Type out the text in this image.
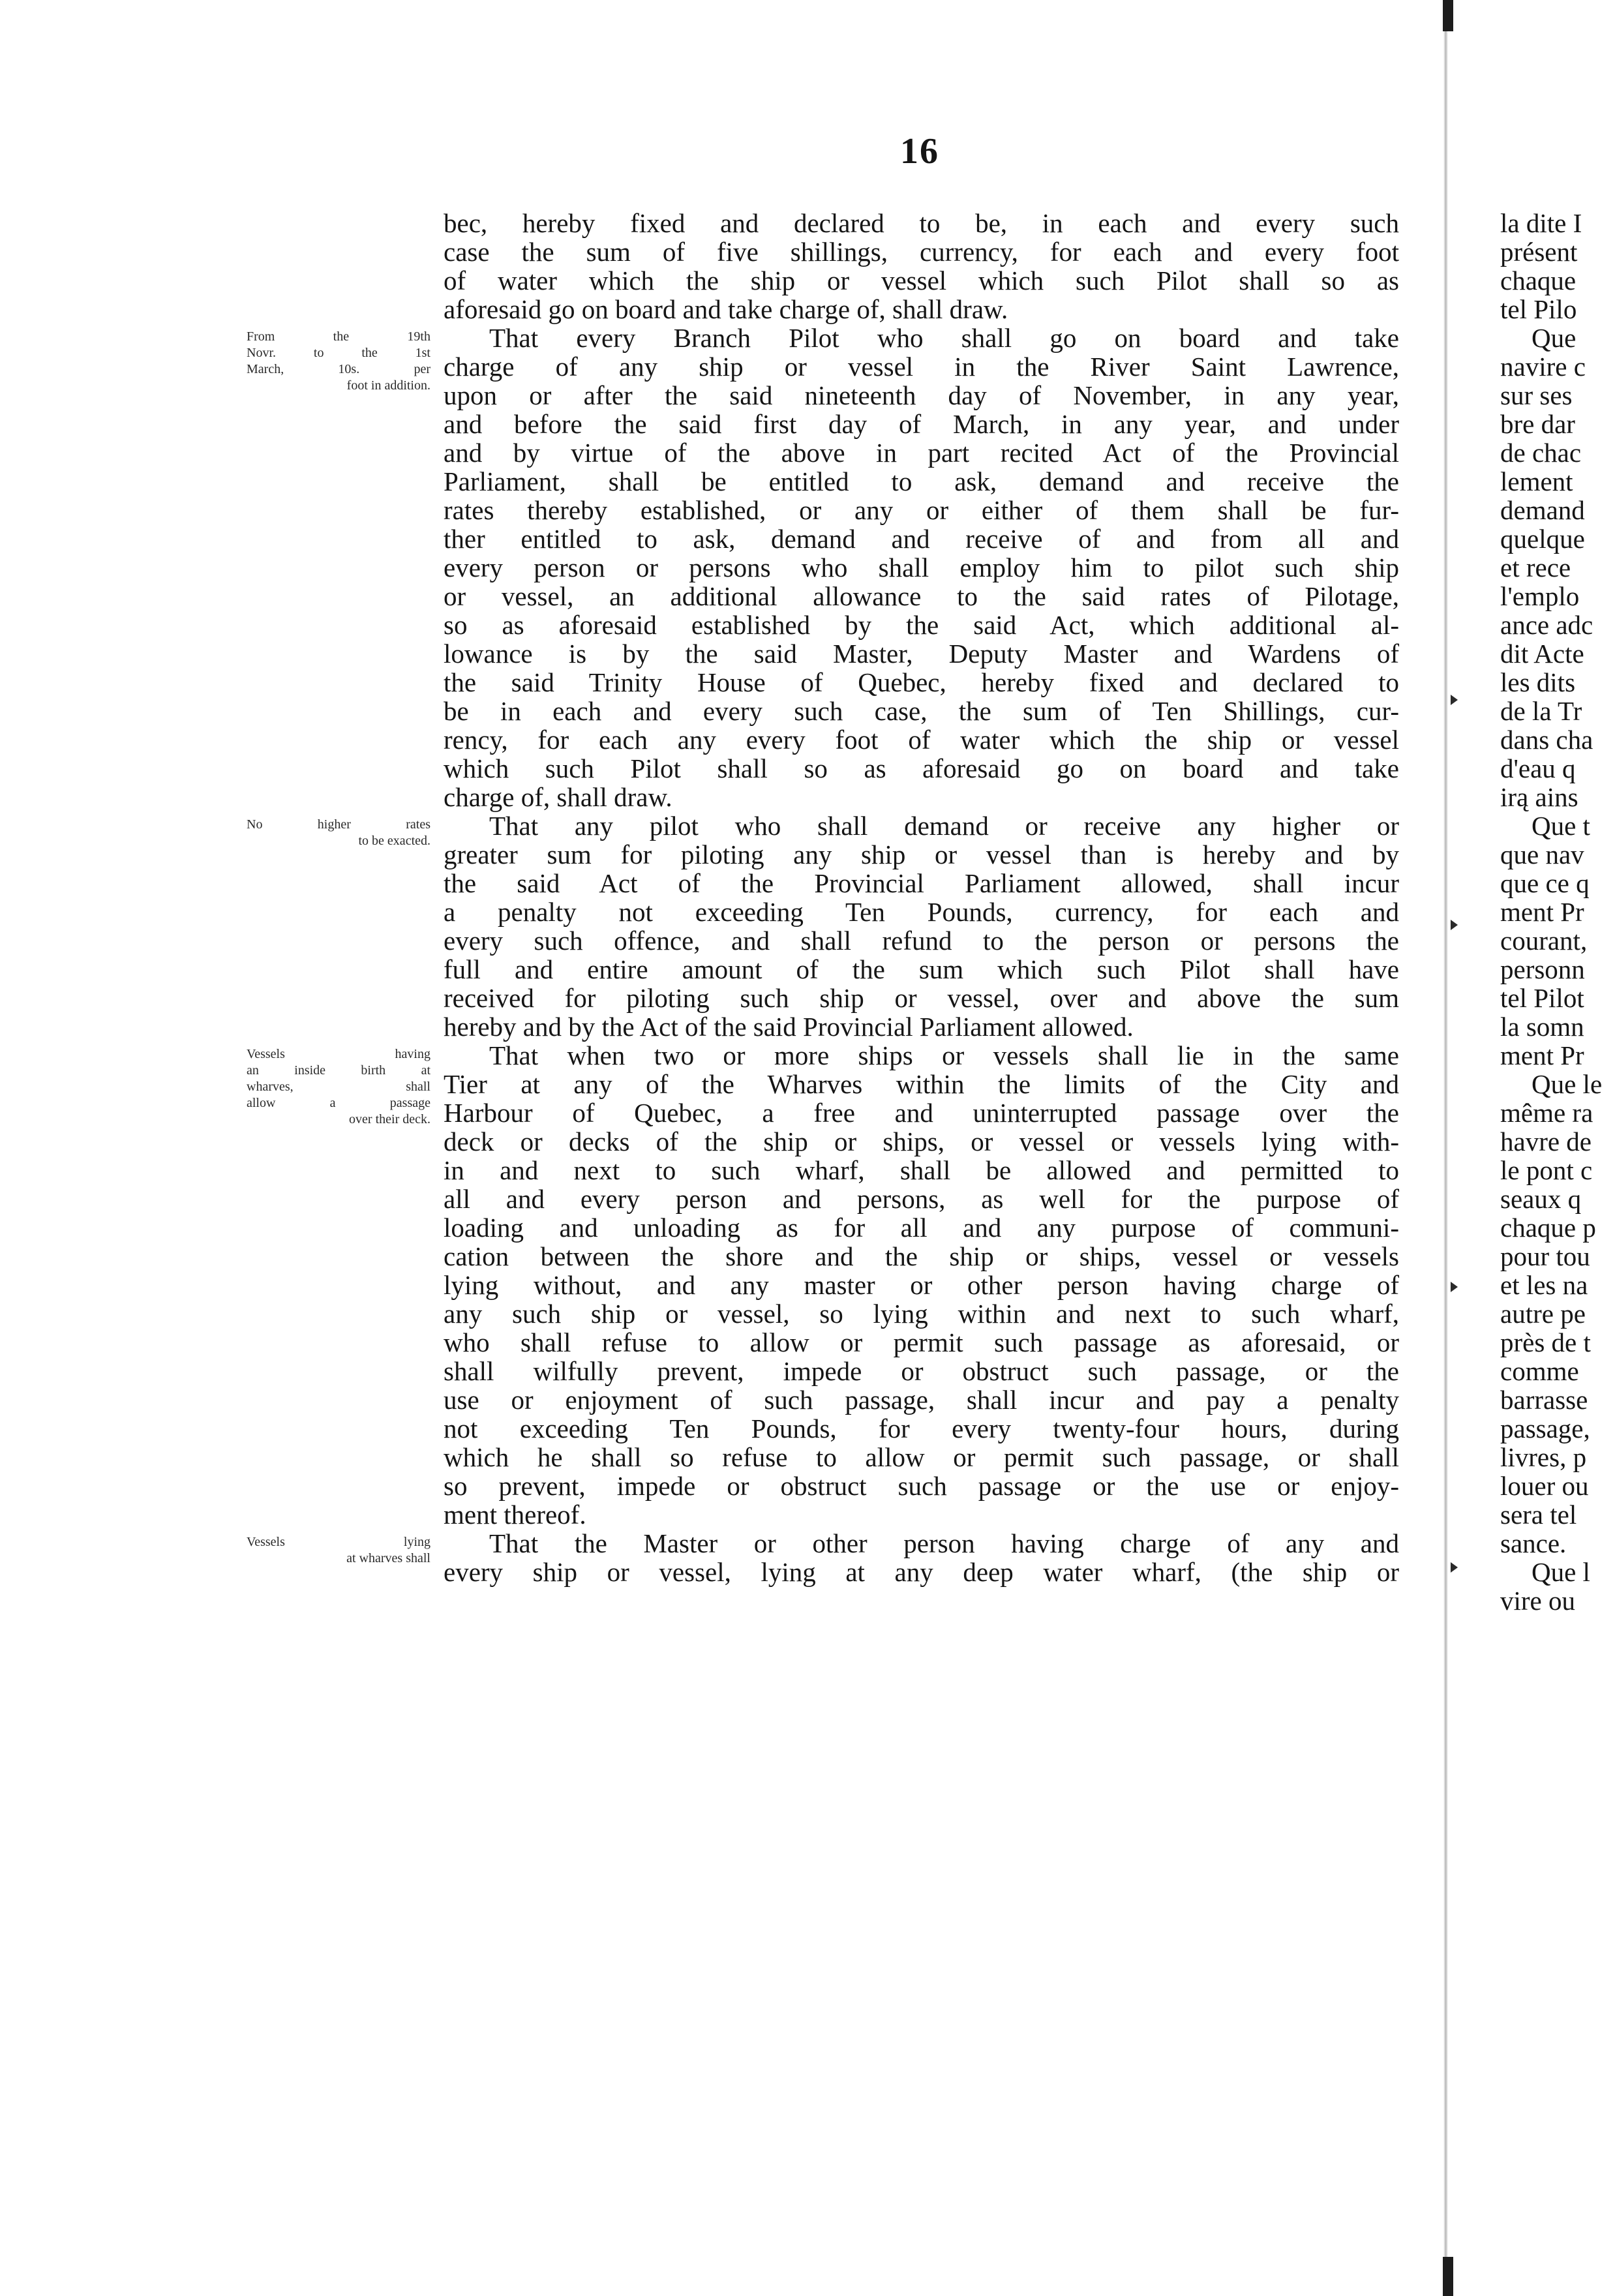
16
bec, hereby fixed and declared to be, in each and every such
case the sum of five shillings, currency, for each and every foot
of water which the ship or vessel which such Pilot shall so as
aforesaid go on board and take charge of, shall draw.
That every Branch Pilot who shall go on board and take
charge of any ship or vessel in the River Saint Lawrence,
upon or after the said nineteenth day of November, in any year,
and before the said first day of March, in any year, and under
and by virtue of the above in part recited Act of the Provincial
Parliament, shall be entitled to ask, demand and receive the
rates thereby established, or any or either of them shall be fur-
ther entitled to ask, demand and receive of and from all and
every person or persons who shall employ him to pilot such ship
or vessel, an additional allowance to the said rates of Pilotage,
so as aforesaid established by the said Act, which additional al-
lowance is by the said Master, Deputy Master and Wardens of
the said Trinity House of Quebec, hereby fixed and declared to
be in each and every such case, the sum of Ten Shillings, cur-
rency, for each any every foot of water which the ship or vessel
which such Pilot shall so as aforesaid go on board and take
charge of, shall draw.
That any pilot who shall demand or receive any higher or
greater sum for piloting any ship or vessel than is hereby and by
the said Act of the Provincial Parliament allowed, shall incur
a penalty not exceeding Ten Pounds, currency, for each and
every such offence, and shall refund to the person or persons the
full and entire amount of the sum which such Pilot shall have
received for piloting such ship or vessel, over and above the sum
hereby and by the Act of the said Provincial Parliament allowed.
That when two or more ships or vessels shall lie in the same
Tier at any of the Wharves within the limits of the City and
Harbour of Quebec, a free and uninterrupted passage over the
deck or decks of the ship or ships, or vessel or vessels lying with-
in and next to such wharf, shall be allowed and permitted to
all and every person and persons, as well for the purpose of
loading and unloading as for all and any purpose of communi-
cation between the shore and the ship or ships, vessel or vessels
lying without, and any master or other person having charge of
any such ship or vessel, so lying within and next to such wharf,
who shall refuse to allow or permit such passage as aforesaid, or
shall wilfully prevent, impede or obstruct such passage, or the
use or enjoyment of such passage, shall incur and pay a penalty
not exceeding Ten Pounds, for every twenty-four hours, during
which he shall so refuse to allow or permit such passage, or shall
so prevent, impede or obstruct such passage or the use or enjoy-
ment thereof.
That the Master or other person having charge of any and
every ship or vessel, lying at any deep water wharf, (the ship or
From the 19th
Novr. to the 1st
March, 10s. per
foot in addition.
No higher rates
to be exacted.
Vessels having
an inside birth at
wharves, shall
allow a passage
over their deck.
Vessels lying
at wharves shall
la dite I
présent
chaque
tel Pilo
Que
navire c
sur ses
bre dar
de chac
lement
demand
quelque
et rece
l'emplo
ance adc
dit Acte
les dits
de la Tr
dans cha
d'eau q
irą ains
Que t
que nav
que ce q
ment Pr
courant,
personn
tel Pilot
la somn
ment Pr
Que le
même ra
havre de
le pont c
seaux q
chaque p
pour tou
et les na
autre pe
près de t
comme
barrasse
passage,
livres, p
louer ou
sera tel
sance.
Que l
vire ou
